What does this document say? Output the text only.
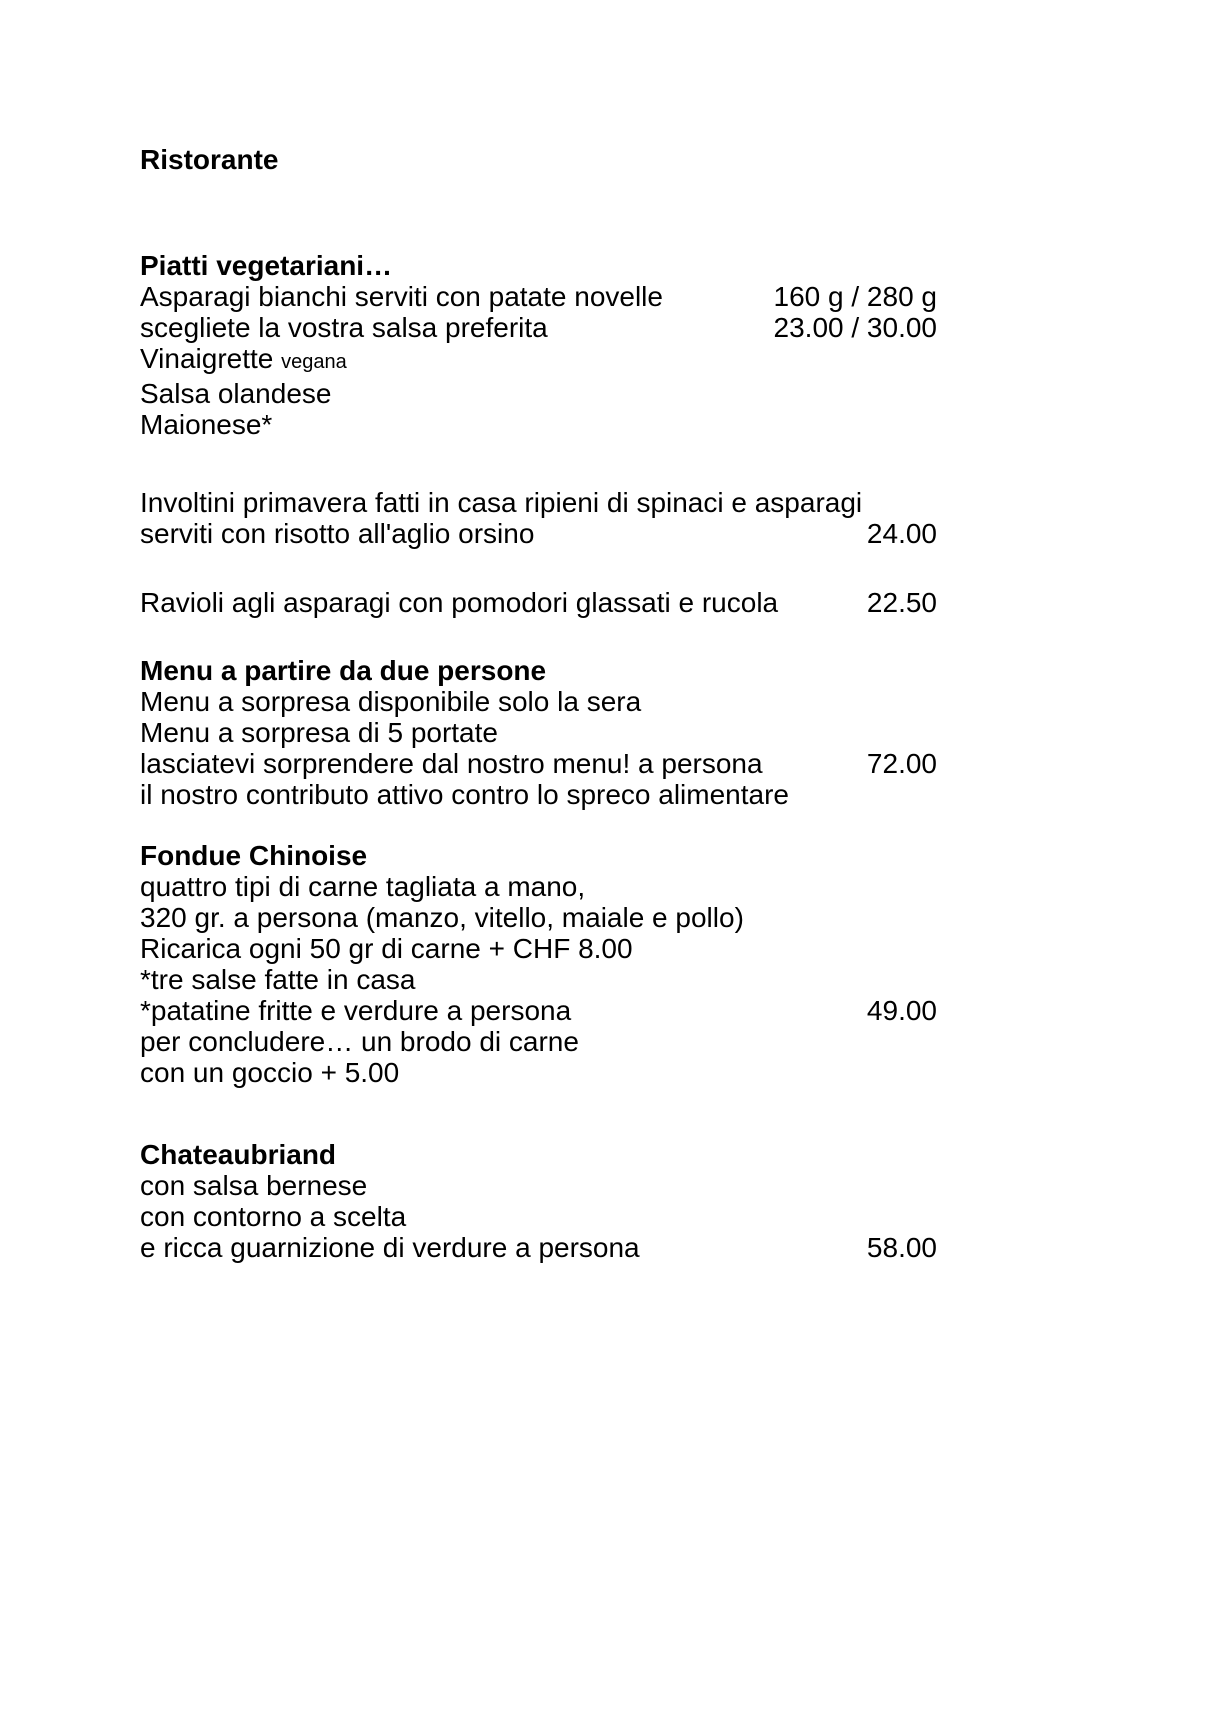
Ristorante
Piatti vegetariani…
Asparagi bianchi serviti con patate novelle	160 g / 280 g
scegliete la vostra salsa preferita	23.00 / 30.00
Vinaigrette vegana
Salsa olandese
Maionese*
Involtini primavera fatti in casa ripieni di spinaci e asparagi
serviti con risotto all'aglio orsino	24.00
Ravioli agli asparagi con pomodori glassati e rucola	22.50
Menu a partire da due persone
Menu a sorpresa disponibile solo la sera
Menu a sorpresa di 5 portate
lasciatevi sorprendere dal nostro menu! a persona	72.00
il nostro contributo attivo contro lo spreco alimentare
Fondue Chinoise
quattro tipi di carne tagliata a mano,
320 gr. a persona (manzo, vitello, maiale e pollo)
Ricarica ogni 50 gr di carne + CHF 8.00
*tre salse fatte in casa
*patatine fritte e verdure a persona	49.00
per concludere… un brodo di carne
con un goccio + 5.00
Chateaubriand
con salsa bernese
con contorno a scelta
e ricca guarnizione di verdure a persona	58.00
